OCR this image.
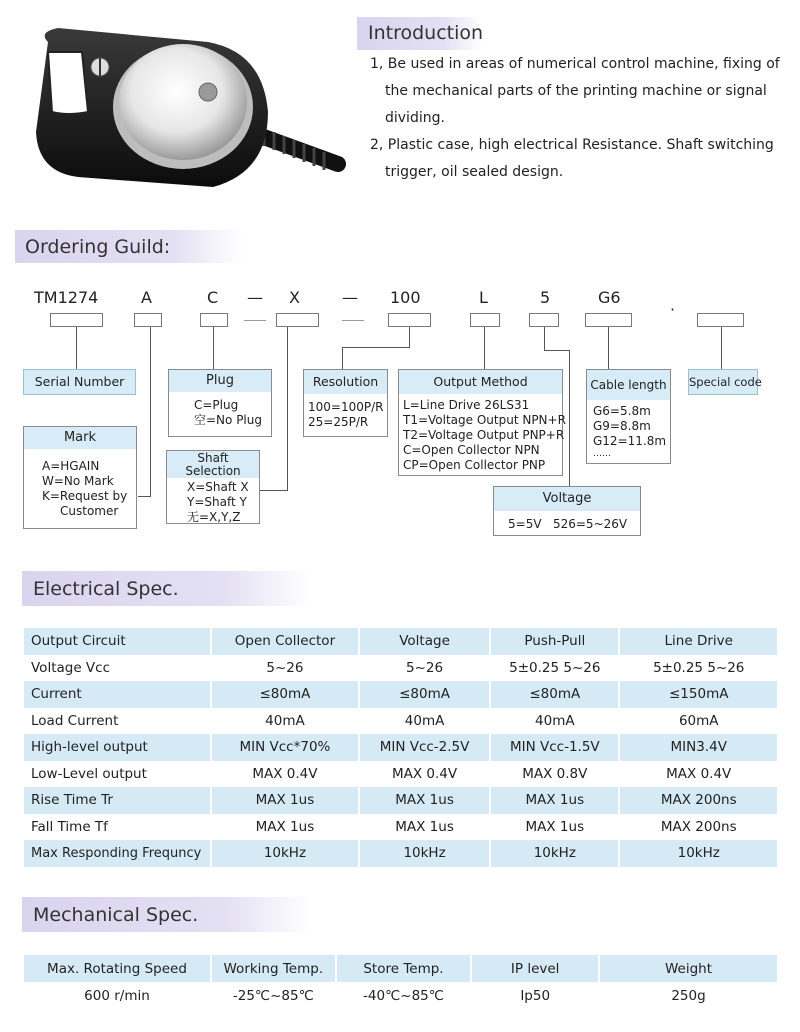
Introduction
1, Be used in areas of numerical control machine, fixing of
the mechanical parts of the printing machine or signal
dividing.
2, Plastic case, high electrical Resistance. Shaft switching
trigger, oil sealed design.
Ordering Guild:
TM1274	A	C — X	— 100	L	5	G6
·
Serial Number
Mark
A=HGAIN
W=No Mark
K=Request by
Customer
Plug
C=Plug
空=No Plug
Shaft
Selection
X=Shaft X
Y=Shaft Y
无=X,Y,Z
Resolution
100=100P/R
25=25P/R
Output Method
L=Line Drive 26LS31
T1=Voltage Output NPN+R
T2=Voltage Output PNP+R
C=Open Collector NPN
CP=Open Collector PNP
Cable length
G6=5.8m
G9=8.8m
G12=11.8m
……
Special code
Voltage
5=5V   526=5~26V
Electrical Spec.
Output Circuit	Open Collector	Voltage	Push-Pull	Line Drive
Voltage Vcc	5~26	5~26	5±0.25 5~26	5±0.25 5~26
Current	≤80mA	≤80mA	≤80mA	≤150mA
Load Current	40mA	40mA	40mA	60mA
High-level output	MIN Vcc*70%	MIN Vcc-2.5V	MIN Vcc-1.5V	MIN3.4V
Low-Level output	MAX 0.4V	MAX 0.4V	MAX 0.8V	MAX 0.4V
Rise Time Tr	MAX 1us	MAX 1us	MAX 1us	MAX 200ns
Fall Time Tf	MAX 1us	MAX 1us	MAX 1us	MAX 200ns
Max Responding Frequncy	10kHz	10kHz	10kHz	10kHz
Mechanical Spec.
Max. Rotating Speed	Working Temp.	Store Temp.	IP level	Weight
600 r/min	-25℃~85℃	-40℃~85℃	Ip50	250g
